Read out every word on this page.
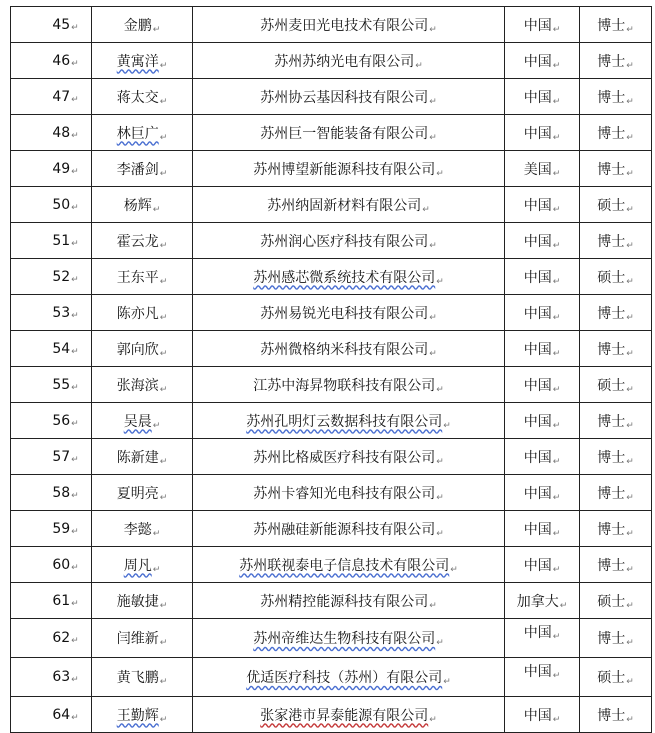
45↵	金鹏↵	苏州麦田光电技术有限公司↵	中国↵	博士↵
46↵	黄寓洋↵	苏州苏纳光电有限公司↵	中国↵	博士↵
47↵	蒋太交↵	苏州协云基因科技有限公司↵	中国↵	博士↵
48↵	林巨广↵	苏州巨一智能装备有限公司↵	中国↵	博士↵
49↵	李潘剑↵	苏州博望新能源科技有限公司↵	美国↵	博士↵
50↵	杨辉↵	苏州纳固新材料有限公司↵	中国↵	硕士↵
51↵	霍云龙↵	苏州润心医疗科技有限公司↵	中国↵	博士↵
52↵	王东平↵	苏州感芯微系统技术有限公司↵	中国↵	硕士↵
53↵	陈亦凡↵	苏州易锐光电科技有限公司↵	中国↵	博士↵
54↵	郭向欣↵	苏州微格纳米科技有限公司↵	中国↵	博士↵
55↵	张海滨↵	江苏中海昇物联科技有限公司↵	中国↵	硕士↵
56↵	吴晨↵	苏州孔明灯云数据科技有限公司↵	中国↵	博士↵
57↵	陈新建↵	苏州比格威医疗科技有限公司↵	中国↵	博士↵
58↵	夏明亮↵	苏州卡睿知光电科技有限公司↵	中国↵	博士↵
59↵	李懿↵	苏州融硅新能源科技有限公司↵	中国↵	博士↵
60↵	周凡↵	苏州联视泰电子信息技术有限公司↵	中国↵	博士↵
61↵	施敏捷↵	苏州精控能源科技有限公司↵	加拿大↵	硕士↵
62↵	闫维新↵	苏州帝维达生物科技有限公司↵	中国↵	博士↵
63↵	黄飞鹏↵	优适医疗科技（苏州）有限公司↵	中国↵	硕士↵
64↵	王勤辉↵	张家港市昇泰能源有限公司↵	中国↵	博士↵
